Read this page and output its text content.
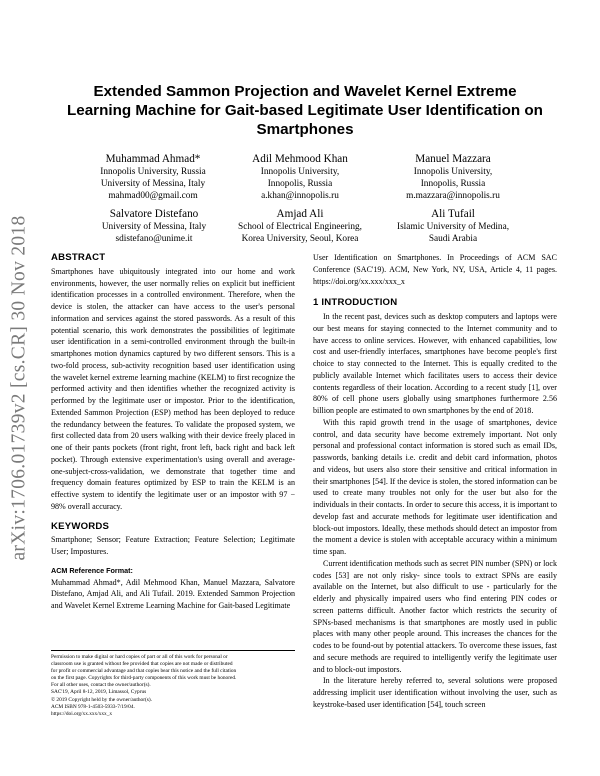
arXiv:1706.01739v2 [cs.CR] 30 Nov 2018
Extended Sammon Projection and Wavelet Kernel Extreme Learning Machine for Gait-based Legitimate User Identification on Smartphones
Muhammad Ahmad*
Innopolis University, Russia
University of Messina, Italy
mahmad00@gmail.com
Adil Mehmood Khan
Innopolis University,
Innopolis, Russia
a.khan@innopolis.ru
Manuel Mazzara
Innopolis University,
Innopolis, Russia
m.mazzara@innopolis.ru
Salvatore Distefano
University of Messina, Italy
sdistefano@unime.it
Amjad Ali
School of Electrical Engineering,
Korea University, Seoul, Korea
Ali Tufail
Islamic University of Medina,
Saudi Arabia
ABSTRACT

Smartphones have ubiquitously integrated into our home and work environments, however, the user normally relies on explicit but inefficient identification processes in a controlled environment. Therefore, when the device is stolen, the attacker can have access to the user's personal information and services against the stored passwords. As a result of this potential scenario, this work demonstrates the possibilities of legitimate user identification in a semi-controlled environment through the built-in smartphones motion dynamics captured by two different sensors. This is a two-fold process, sub-activity recognition based user identification using the wavelet kernel extreme learning machine (KELM) to first recognize the performed activity and then identifies whether the recognized activity is performed by the legitimate user or impostor. Prior to the identification, Extended Sammon Projection (ESP) method has been deployed to reduce the redundancy between the features. To validate the proposed system, we first collected data from 20 users walking with their device freely placed in one of their pants pockets (front right, front left, back right and back left pocket). Through extensive experimentation's using overall and average-one-subject-cross-validation, we demonstrate that together time and frequency domain features optimized by ESP to train the KELM is an effective system to identify the legitimate user or an impostor with 97 − 98% overall accuracy.

KEYWORDS

Smartphone; Sensor; Feature Extraction; Feature Selection; Legitimate User; Impostures.

ACM Reference Format:

Muhammad Ahmad*, Adil Mehmood Khan, Manuel Mazzara, Salvatore Distefano, Amjad Ali, and Ali Tufail. 2019. Extended Sammon Projection and Wavelet Kernel Extreme Learning Machine for Gait-based Legitimate

Permission to make digital or hard copies of part or all of this work for personal or
classroom use is granted without fee provided that copies are not made or distributed
for profit or commercial advantage and that copies bear this notice and the full citation
on the first page. Copyrights for third-party components of this work must be honored.
For all other uses, contact the owner/author(s).
SAC'19, April 8-12, 2019, Limassol, Cyprus
© 2019 Copyright held by the owner/author(s).
ACM ISBN 978-1-4503-5933-7/19/04.
https://doi.org/xx.xxx/xxx_x

User Identification on Smartphones. In Proceedings of ACM SAC Conference (SAC'19). ACM, New York, NY, USA, Article 4, 11 pages. https://doi.org/xx.xxx/xxx_x

1 INTRODUCTION

In the recent past, devices such as desktop computers and laptops were our best means for staying connected to the Internet community and to have access to online services. However, with enhanced capabilities, low cost and user-friendly interfaces, smartphones have become people's first choice to stay connected to the Internet. This is equally credited to the publicly available Internet which facilitates users to access their device contents regardless of their location. According to a recent study [1], over 80% of cell phone users globally using smartphones furthermore 2.56 billion people are estimated to own smartphones by the end of 2018.

With this rapid growth trend in the usage of smartphones, device control, and data security have become extremely important. Not only personal and professional contact information is stored such as email IDs, passwords, banking details i.e. credit and debit card information, photos and videos, but users also store their sensitive and critical information in their smartphones [54]. If the device is stolen, the stored information can be used to create many troubles not only for the user but also for the individuals in their contacts. In order to secure this access, it is important to develop fast and accurate methods for legitimate user identification and block-out impostors. Ideally, these methods should detect an impostor from the moment a device is stolen with acceptable accuracy within a minimum time span.

Current identification methods such as secret PIN number (SPN) or lock codes [53] are not only risky- since tools to extract SPNs are easily available on the Internet, but also difficult to use - particularly for the elderly and physically impaired users who find entering PIN codes or screen patterns difficult. Another factor which restricts the security of SPNs-based mechanisms is that smartphones are mostly used in public places with many other people around. This increases the chances for the codes to be found-out by potential attackers. To overcome these issues, fast and secure methods are required to intelligently verify the legitimate user and to block-out impostors.

In the literature hereby referred to, several solutions were proposed addressing implicit user identification without involving the user, such as keystroke-based user identification [54], touch screen
